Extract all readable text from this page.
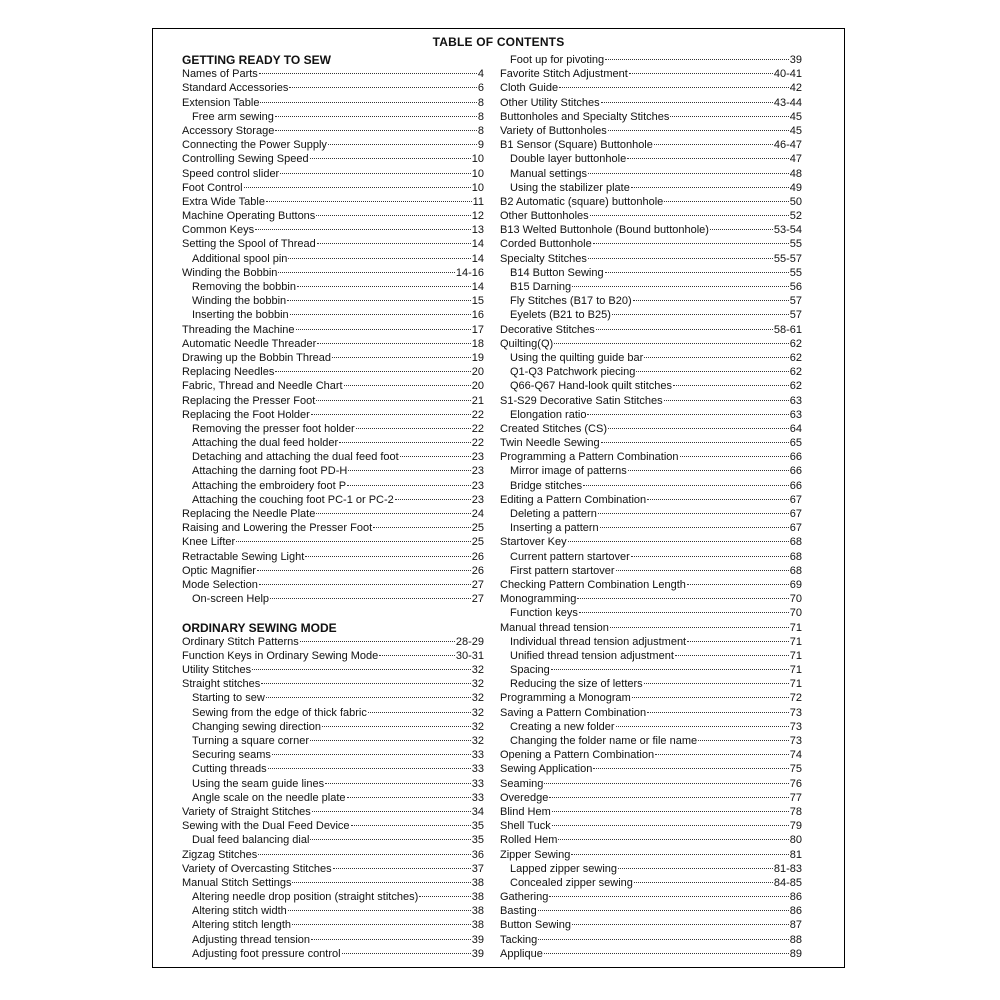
TABLE OF CONTENTS
GETTING READY TO SEW
Names of Parts	4
Standard Accessories	6
Extension Table	8
Free arm sewing	8
Accessory Storage	8
Connecting the Power Supply	9
Controlling Sewing Speed	10
Speed control slider	10
Foot Control	10
Extra Wide Table	11
Machine Operating Buttons	12
Common Keys	13
Setting the Spool of Thread	14
Additional spool pin	14
Winding the Bobbin	14-16
Removing the bobbin	14
Winding the bobbin	15
Inserting the bobbin	16
Threading the Machine	17
Automatic Needle Threader	18
Drawing up the Bobbin Thread	19
Replacing Needles	20
Fabric, Thread and Needle Chart	20
Replacing the Presser Foot	21
Replacing the Foot Holder	22
Removing the presser foot holder	22
Attaching the dual feed holder	22
Detaching and attaching the dual feed foot	23
Attaching the darning foot PD-H	23
Attaching the embroidery foot P	23
Attaching the couching foot PC-1 or PC-2	23
Replacing the Needle Plate	24
Raising and Lowering the Presser Foot	25
Knee Lifter	25
Retractable Sewing Light	26
Optic Magnifier	26
Mode Selection	27
On-screen Help	27
ORDINARY SEWING MODE
Ordinary Stitch Patterns	28-29
Function Keys in Ordinary Sewing Mode	30-31
Utility Stitches	32
Straight stitches	32
Starting to sew	32
Sewing from the edge of thick fabric	32
Changing sewing direction	32
Turning a square corner	32
Securing seams	33
Cutting threads	33
Using the seam guide lines	33
Angle scale on the needle plate	33
Variety of Straight Stitches	34
Sewing with the Dual Feed Device	35
Dual feed balancing dial	35
Zigzag Stitches	36
Variety of Overcasting Stitches	37
Manual Stitch Settings	38
Altering needle drop position (straight stitches)	38
Altering stitch width	38
Altering stitch length	38
Adjusting thread tension	39
Adjusting foot pressure control	39
Foot up for pivoting	39
Favorite Stitch Adjustment	40-41
Cloth Guide	42
Other Utility Stitches	43-44
Buttonholes and Specialty Stitches	45
Variety of Buttonholes	45
B1 Sensor (Square) Buttonhole	46-47
Double layer buttonhole	47
Manual settings	48
Using the stabilizer plate	49
B2 Automatic (square) buttonhole	50
Other Buttonholes	52
B13 Welted Buttonhole (Bound buttonhole)	53-54
Corded Buttonhole	55
Specialty Stitches	55-57
B14 Button Sewing	55
B15 Darning	56
Fly Stitches (B17 to B20)	57
Eyelets (B21 to B25)	57
Decorative Stitches	58-61
Quilting(Q)	62
Using the quilting guide bar	62
Q1-Q3 Patchwork piecing	62
Q66-Q67 Hand-look quilt stitches	62
S1-S29 Decorative Satin Stitches	63
Elongation ratio	63
Created Stitches (CS)	64
Twin Needle Sewing	65
Programming a Pattern Combination	66
Mirror image of patterns	66
Bridge stitches	66
Editing a Pattern Combination	67
Deleting a pattern	67
Inserting a pattern	67
Startover Key	68
Current pattern startover	68
First pattern startover	68
Checking Pattern Combination Length	69
Monogramming	70
Function keys	70
Manual thread tension	71
Individual thread tension adjustment	71
Unified thread tension adjustment	71
Spacing	71
Reducing the size of letters	71
Programming a Monogram	72
Saving a Pattern Combination	73
Creating a new folder	73
Changing the folder name or file name	73
Opening a Pattern Combination	74
Sewing Application	75
Seaming	76
Overedge	77
Blind Hem	78
Shell Tuck	79
Rolled Hem	80
Zipper Sewing	81
Lapped zipper sewing	81-83
Concealed zipper sewing	84-85
Gathering	86
Basting	86
Button Sewing	87
Tacking	88
Applique	89
